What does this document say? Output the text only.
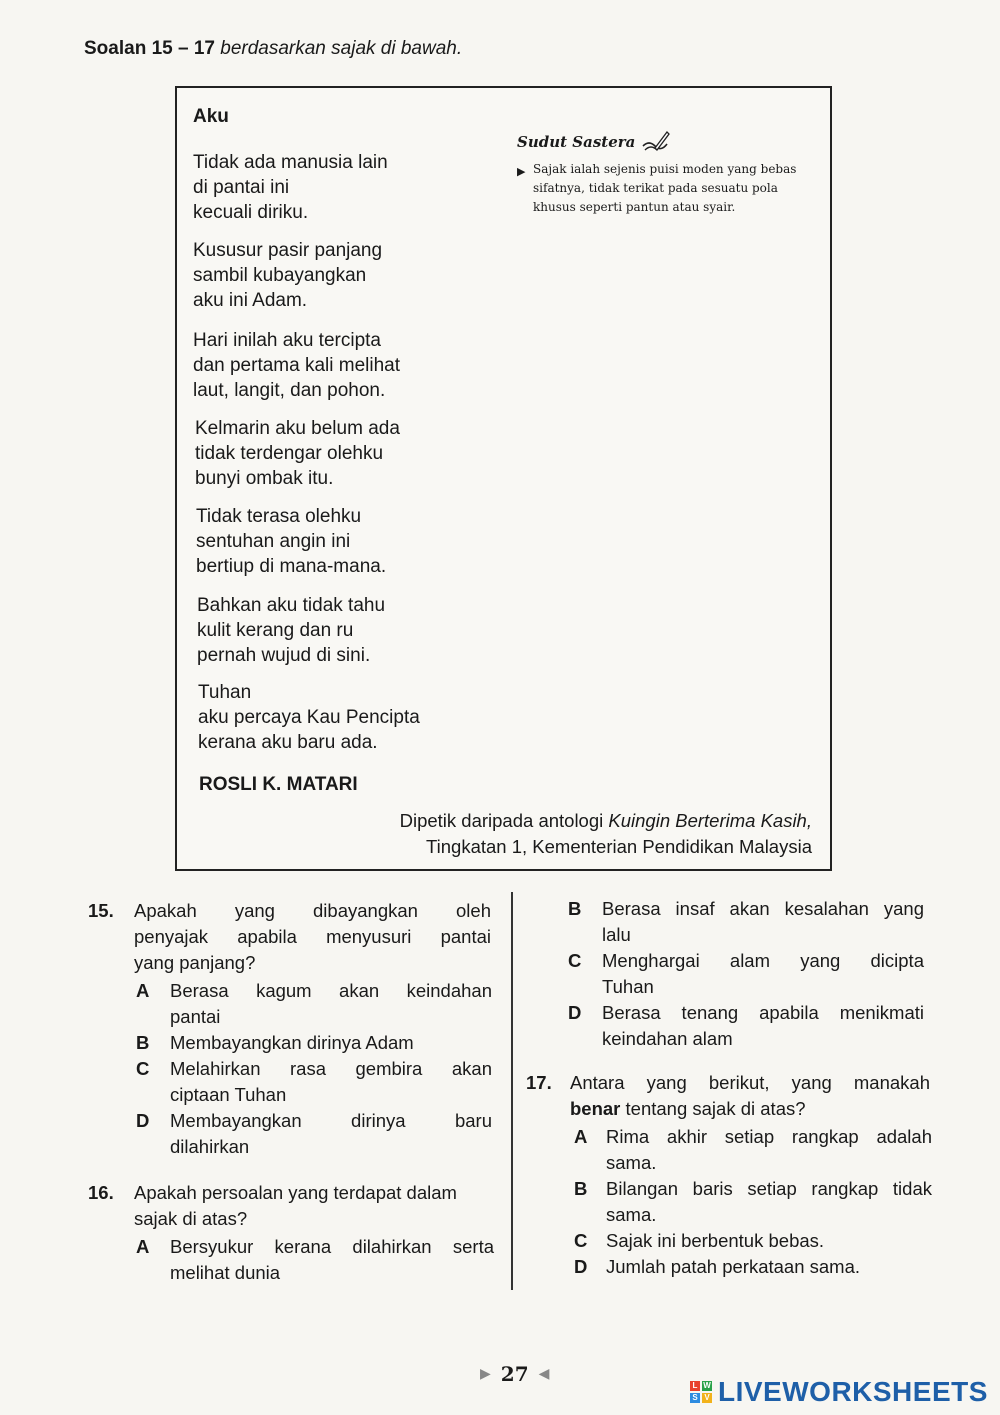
Soalan 15 – 17 berdasarkan sajak di bawah.
Aku
Tidak ada manusia lain
di pantai ini
kecuali diriku.
Kususur pasir panjang
sambil kubayangkan
aku ini Adam.
Hari inilah aku tercipta
dan pertama kali melihat
laut, langit, dan pohon.
Kelmarin aku belum ada
tidak terdengar olehku
bunyi ombak itu.
Tidak terasa olehku
sentuhan angin ini
bertiup di mana-mana.
Bahkan aku tidak tahu
kulit kerang dan ru
pernah wujud di sini.
Tuhan
aku percaya Kau Pencipta
kerana aku baru ada.
ROSLI K. MATARI
Dipetik daripada antologi Kuingin Berterima Kasih,
Tingkatan 1, Kementerian Pendidikan Malaysia
Sudut Sastera
▶ Sajak ialah sejenis puisi moden yang bebas
sifatnya, tidak terikat pada sesuatu pola
khusus seperti pantun atau syair.
15. Apakah yang dibayangkan oleh
penyajak apabila menyusuri pantai
yang panjang?
A Berasa kagum akan keindahan
pantai
B Membayangkan dirinya Adam
C Melahirkan rasa gembira akan
ciptaan Tuhan
D Membayangkan dirinya baru
dilahirkan
16. Apakah persoalan yang terdapat dalam
sajak di atas?
A Bersyukur kerana dilahirkan serta
melihat dunia
B Berasa insaf akan kesalahan yang
lalu
C Menghargai alam yang dicipta
Tuhan
D Berasa tenang apabila menikmati
keindahan alam
17. Antara yang berikut, yang manakah
benar tentang sajak di atas?
A Rima akhir setiap rangkap adalah
sama.
B Bilangan baris setiap rangkap tidak
sama.
C Sajak ini berbentuk bebas.
D Jumlah patah perkataan sama.
▶ 27 ◀
L W
S V LIVEWORKSHEETS
